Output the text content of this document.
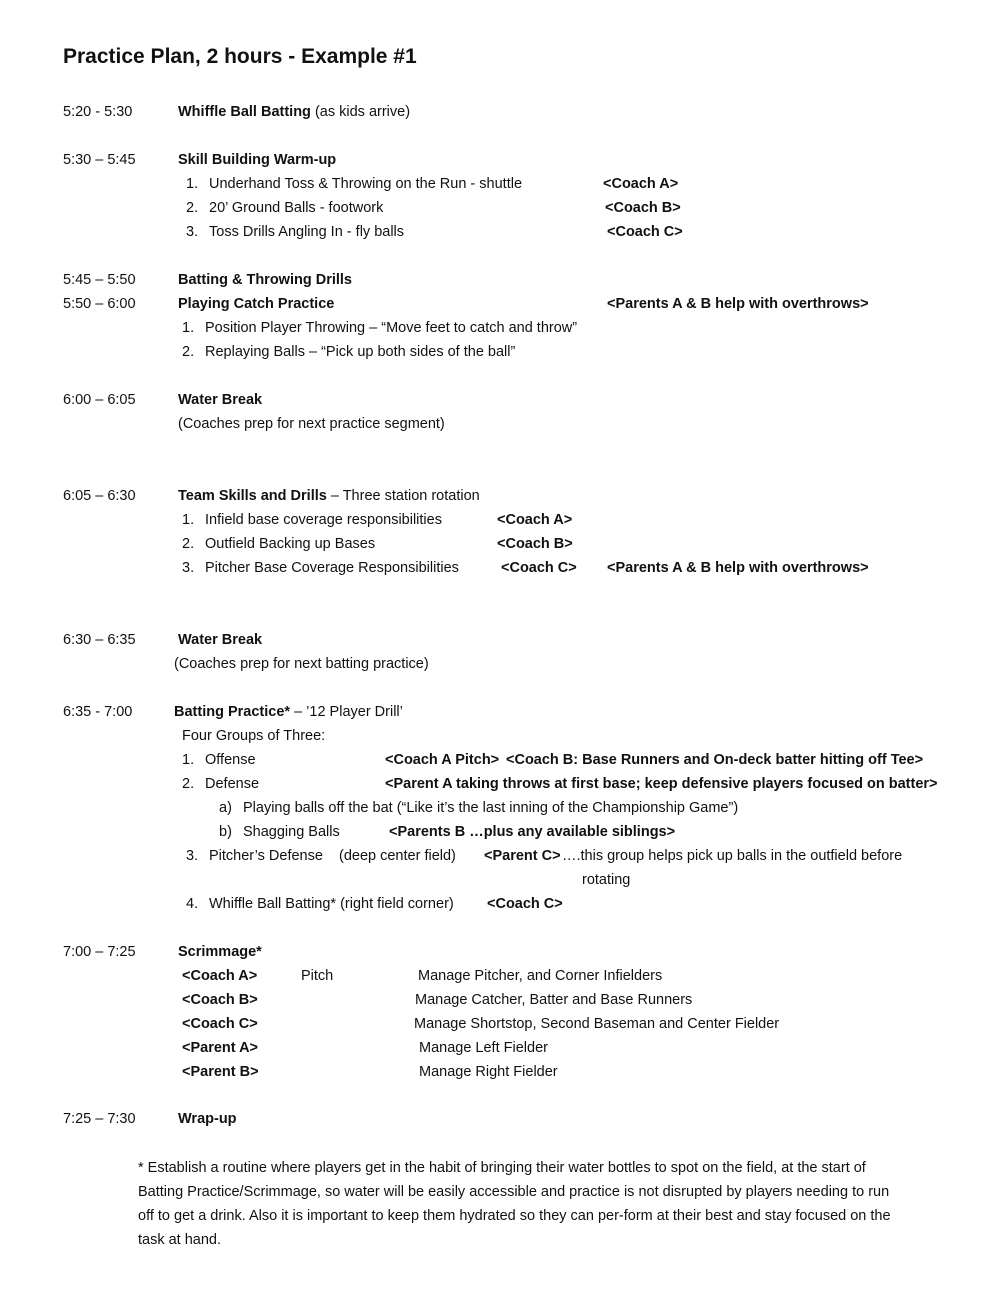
Practice Plan, 2 hours - Example #1
5:20 - 5:30	Whiffle Ball Batting (as kids arrive)
5:30 – 5:45	Skill Building Warm-up
1. Underhand Toss & Throwing on the Run - shuttle	<Coach A>
2. 20’ Ground Balls - footwork	<Coach B>
3. Toss Drills Angling In - fly balls	<Coach C>
5:45 – 5:50	Batting & Throwing Drills
5:50 – 6:00	Playing Catch Practice	<Parents A & B help with overthrows>
1. Position Player Throwing – “Move feet to catch and throw”
2. Replaying Balls – “Pick up both sides of the ball”
6:00 – 6:05	Water Break
(Coaches prep for next practice segment)
6:05 – 6:30	Team Skills and Drills – Three station rotation
1. Infield base coverage responsibilities	<Coach A>
2. Outfield Backing up Bases	<Coach B>
3. Pitcher Base Coverage Responsibilities	<Coach C> <Parents A & B help with overthrows>
6:30 – 6:35	Water Break
(Coaches prep for next batting practice)
6:35 - 7:00	Batting Practice* – ’12 Player Drill’
Four Groups of Three:
1. Offense	<Coach A Pitch> <Coach B: Base Runners and On-deck batter hitting off Tee>
2. Defense	<Parent A taking throws at first base; keep defensive players focused on batter>
a) Playing balls off the bat (“Like it’s the last inning of the Championship Game”)
b) Shagging Balls	<Parents B …plus any available siblings>
3. Pitcher’s Defense (deep center field) <Parent C> ….this group helps pick up balls in the outfield before
rotating
4. Whiffle Ball Batting* (right field corner) <Coach C>
7:00 – 7:25	Scrimmage*
<Coach A>	Pitch	Manage Pitcher, and Corner Infielders
<Coach B>	Manage Catcher, Batter and Base Runners
<Coach C>	Manage Shortstop, Second Baseman and Center Fielder
<Parent A>	Manage Left Fielder
<Parent B>	Manage Right Fielder
7:25 – 7:30	Wrap-up
* Establish a routine where players get in the habit of bringing their water bottles to spot on the field, at the start of Batting Practice/Scrimmage, so water will be easily accessible and practice is not disrupted by players needing to run off to get a drink. Also it is important to keep them hydrated so they can per-form at their best and stay focused on the task at hand.
